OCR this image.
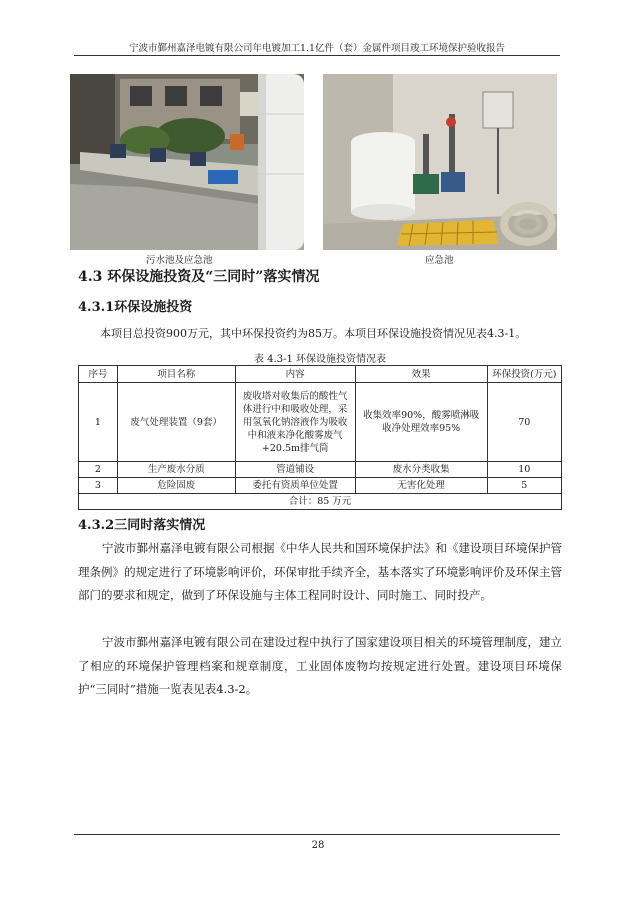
宁波市鄞州嘉泽电镀有限公司年电镀加工1.1亿件（套）金属件项目竣工环境保护验收报告
污水池及应急池	应急池
4.3 环保设施投资及“三同时”落实情况
4.3.1环保设施投资
本项目总投资900万元，其中环保投资约为85万。本项目环保设施投资情况见表4.3-1。
表 4.3-1 环保设施投资情况表
序号	项目名称	内容	效果	环保投资(万元)
1	废气处理装置（9套）	废收塔对收集后的酸性气体进行中和吸收处理，采用氢氧化钠溶液作为吸收中和液来净化酸雾废气+20.5m排气筒	收集效率90%，酸雾喷淋吸收净处理效率95%	70
2	生产废水分质	管道铺设	废水分类收集	10
3	危险固废	委托有资质单位处置	无害化处理	5
合计：85 万元				
4.3.2三同时落实情况
宁波市鄞州嘉泽电镀有限公司根据《中华人民共和国环境保护法》和《建设项目环境保护管理条例》的规定进行了环境影响评价，环保审批手续齐全，基本落实了环境影响评价及环保主管部门的要求和规定，做到了环保设施与主体工程同时设计、同时施工、同时投产。
宁波市鄞州嘉泽电镀有限公司在建设过程中执行了国家建设项目相关的环境管理制度，建立了相应的环境保护管理档案和规章制度，工业固体废物均按规定进行处置。建设项目环境保护“三同时”措施一览表见表4.3-2。
28
